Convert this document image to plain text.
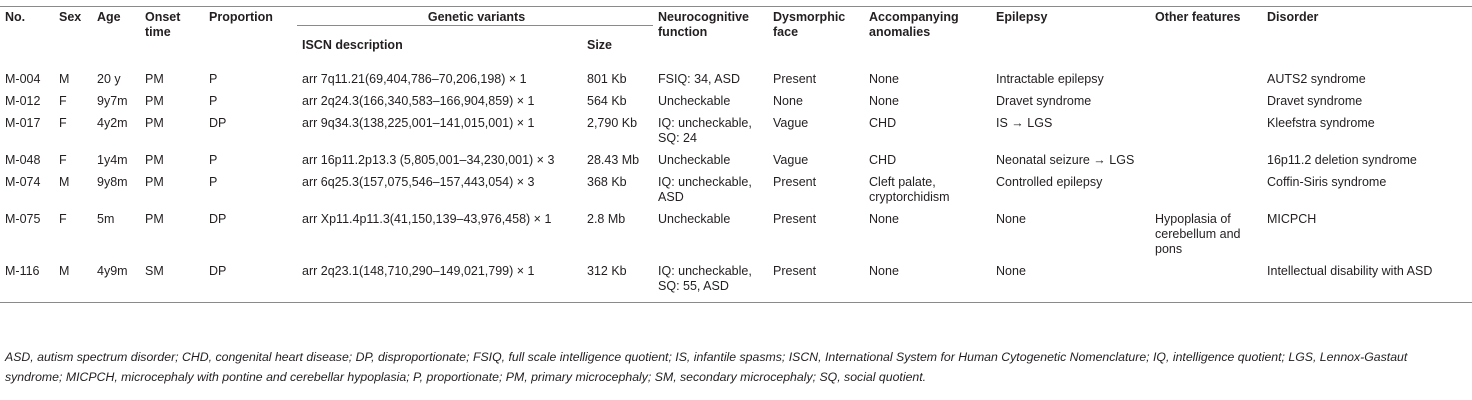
No.	Sex	Age	Onset time	Proportion	Genetic variants		Neurocognitive function	Dysmorphic face	Accompanying anomalies	Epilepsy	Other features	Disorder
					ISCN description	Size						
M-004	M	20 y	PM	P	arr 7q11.21(69,404,786–70,206,198) × 1	801 Kb	FSIQ: 34, ASD	Present	None	Intractable epilepsy		AUTS2 syndrome
M-012	F	9y7m	PM	P	arr 2q24.3(166,340,583–166,904,859) × 1	564 Kb	Uncheckable	None	None	Dravet syndrome		Dravet syndrome
M-017	F	4y2m	PM	DP	arr 9q34.3(138,225,001–141,015,001) × 1	2,790 Kb	IQ: uncheckable, SQ: 24	Vague	CHD	IS → LGS		Kleefstra syndrome
M-048	F	1y4m	PM	P	arr 16p11.2p13.3 (5,805,001–34,230,001) × 3	28.43 Mb	Uncheckable	Vague	CHD	Neonatal seizure → LGS		16p11.2 deletion syndrome
M-074	M	9y8m	PM	P	arr 6q25.3(157,075,546–157,443,054) × 3	368 Kb	IQ: uncheckable, ASD	Present	Cleft palate, cryptorchidism	Controlled epilepsy		Coffin-Siris syndrome
M-075	F	5m	PM	DP	arr Xp11.4p11.3(41,150,139–43,976,458) × 1	2.8 Mb	Uncheckable	Present	None	None	Hypoplasia of cerebellum and pons	MICPCH
M-116	M	4y9m	SM	DP	arr 2q23.1(148,710,290–149,021,799) × 1	312 Kb	IQ: uncheckable, SQ: 55, ASD	Present	None	None		Intellectual disability with ASD
ASD, autism spectrum disorder; CHD, congenital heart disease; DP, disproportionate; FSIQ, full scale intelligence quotient; IS, infantile spasms; ISCN, International System for Human Cytogenetic Nomenclature; IQ, intelligence quotient; LGS, Lennox-Gastaut syndrome; MICPCH, microcephaly with pontine and cerebellar hypoplasia; P, proportionate; PM, primary microcephaly; SM, secondary microcephaly; SQ, social quotient.
